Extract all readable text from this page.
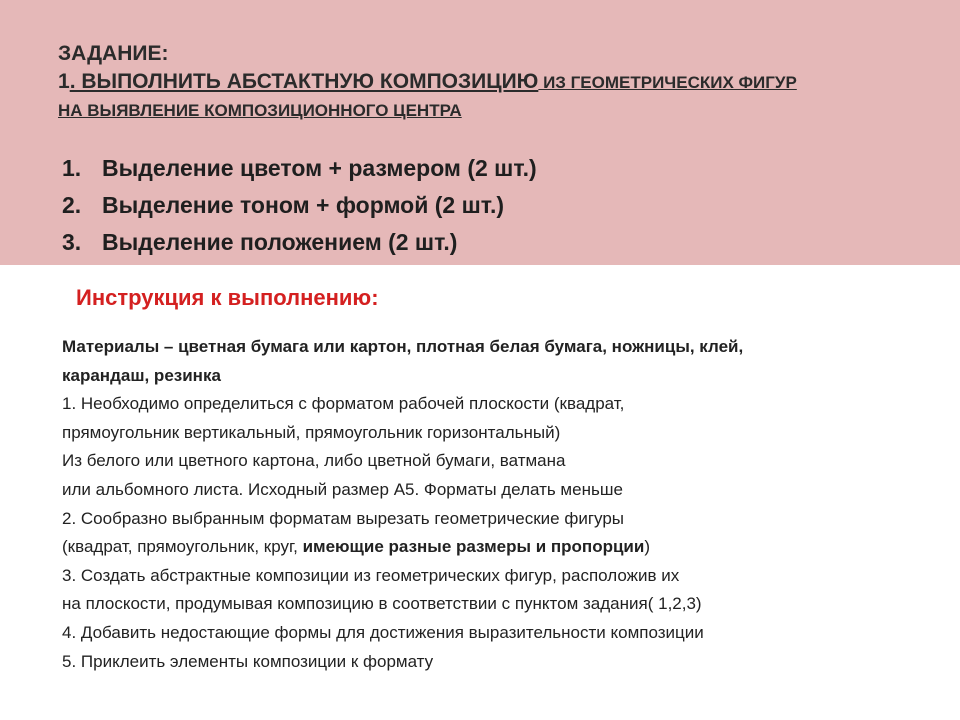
ЗАДАНИЕ:
1. ВЫПОЛНИТЬ АБСТАКТНУЮ КОМПОЗИЦИЮ ИЗ ГЕОМЕТРИЧЕСКИХ ФИГУР
НА ВЫЯВЛЕНИЕ КОМПОЗИЦИОННОГО ЦЕНТРА
1. Выделение цветом + размером (2 шт.)
2. Выделение тоном + формой (2 шт.)
3. Выделение положением (2 шт.)
Инструкция к выполнению:
Материалы – цветная бумага или картон, плотная белая бумага, ножницы, клей,
карандаш, резинка
1. Необходимо определиться с форматом рабочей плоскости (квадрат,
прямоугольник вертикальный, прямоугольник горизонтальный)
Из белого или цветного картона, либо цветной бумаги, ватмана
или альбомного листа. Исходный размер А5. Форматы делать меньше
2. Сообразно выбранным форматам вырезать геометрические фигуры
(квадрат, прямоугольник, круг, имеющие разные размеры и пропорции)
3. Создать абстрактные композиции из геометрических фигур, расположив их
на плоскости, продумывая композицию в соответствии с пунктом задания( 1,2,3)
4. Добавить недостающие формы для достижения выразительности композиции
5. Приклеить элементы композиции к формату
